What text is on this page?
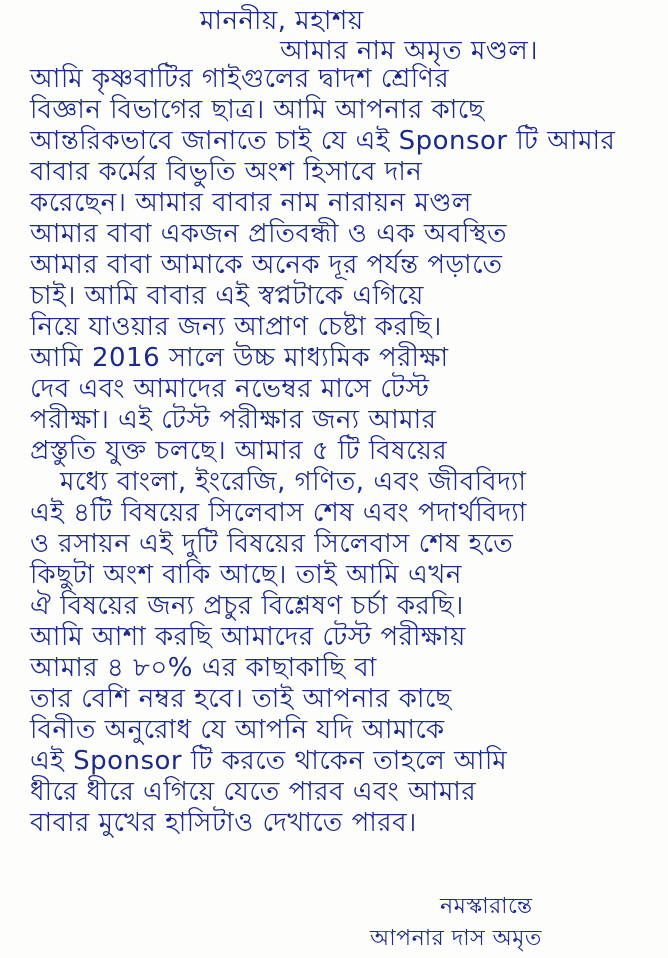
মাননীয়, মহাশয়
আমার নাম অমৃত মণ্ডল।
আমি কৃষ্ণবাটির গাইগুলের দ্বাদশ শ্রেণির
বিজ্ঞান বিভাগের ছাত্র। আমি আপনার কাছে
আন্তরিকভাবে জানাতে চাই যে এই Sponsor টি আমার
বাবার কর্মের বিভুতি অংশ হিসাবে দান
করেছেন। আমার বাবার নাম নারায়ন মণ্ডল
আমার বাবা একজন প্রতিবন্ধী ও এক অবস্থিত
আমার বাবা আমাকে অনেক দূর পর্যন্ত পড়াতে
চাই। আমি বাবার এই স্বপ্নটাকে এগিয়ে
নিয়ে যাওয়ার জন্য আপ্রাণ চেষ্টা করছি।
আমি 2016 সালে উচ্চ মাধ্যমিক পরীক্ষা
দেব এবং আমাদের নভেম্বর মাসে টেস্ট
পরীক্ষা। এই টেস্ট পরীক্ষার জন্য আমার
প্রস্তুতি যুক্ত চলছে। আমার ৫ টি বিষয়ের
মধ্যে বাংলা, ইংরেজি, গণিত, এবং জীববিদ্যা
এই ৪টি বিষয়ের সিলেবাস শেষ এবং পদার্থবিদ্যা
ও রসায়ন এই দুটি বিষয়ের সিলেবাস শেষ হতে
কিছুটা অংশ বাকি আছে। তাই আমি এখন
ঐ বিষয়ের জন্য প্রচুর বিশ্লেষণ চর্চা করছি।
আমি আশা করছি আমাদের টেস্ট পরীক্ষায়
আমার ৪ ৮০% এর কাছাকাছি বা
তার বেশি নম্বর হবে। তাই আপনার কাছে
বিনীত অনুরোধ যে আপনি যদি আমাকে
এই Sponsor টি করতে থাকেন তাহলে আমি
ধীরে ধীরে এগিয়ে যেতে পারব এবং আমার
বাবার মুখের হাসিটাও দেখাতে পারব।
নমস্কারান্তে
আপনার দাস অমৃত
